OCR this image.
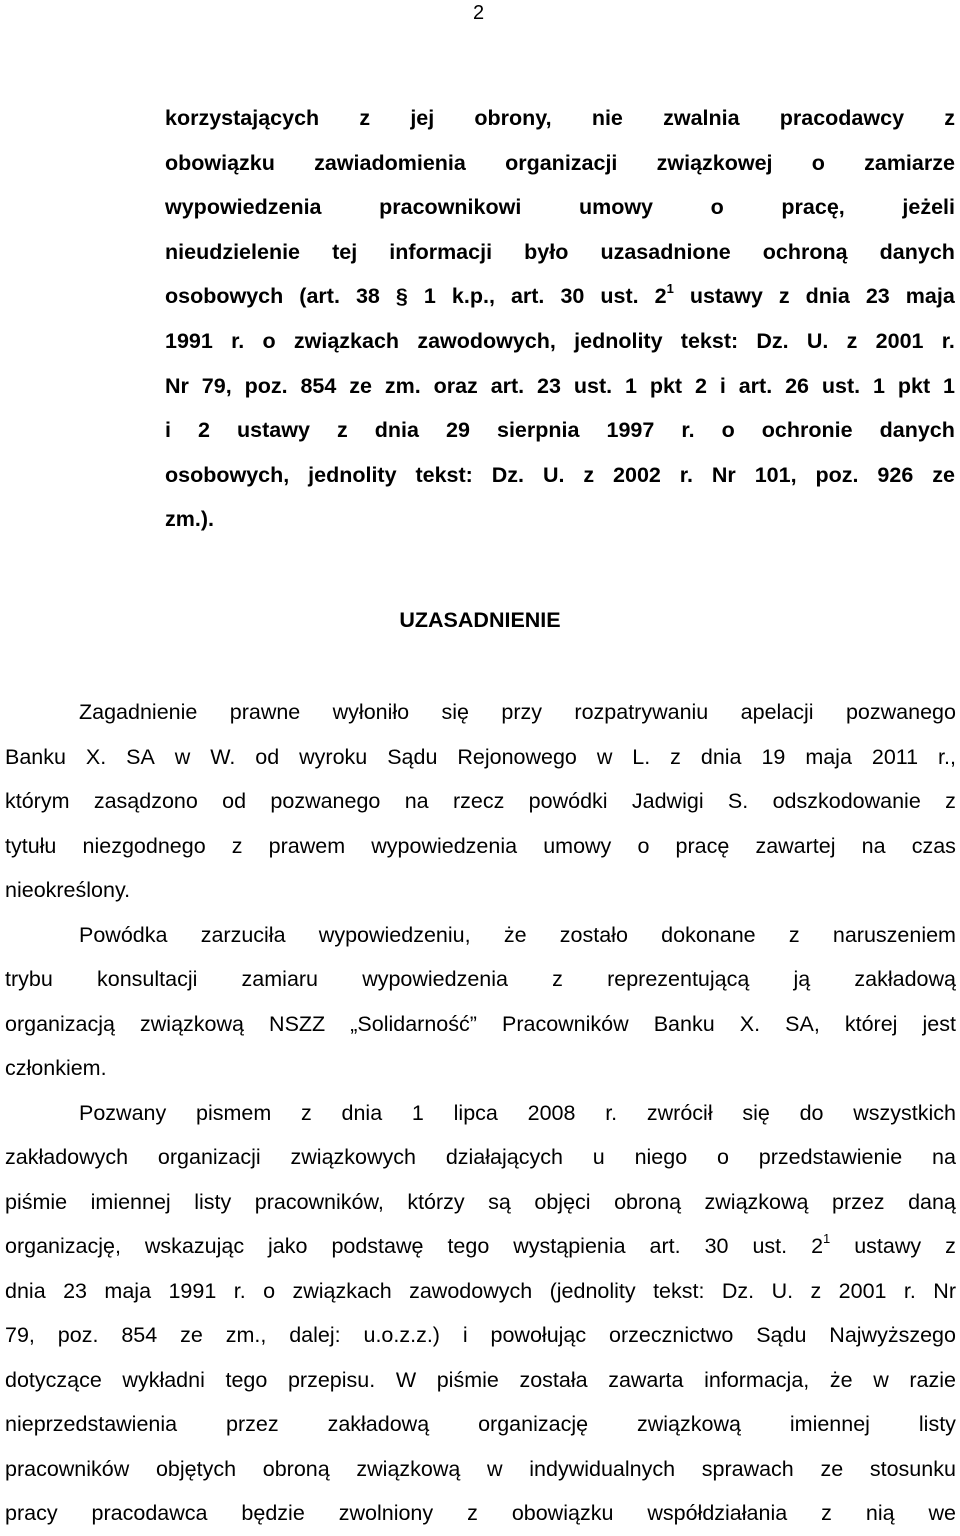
2
korzystających z jej obrony, nie zwalnia pracodawcy z
obowiązku zawiadomienia organizacji związkowej o zamiarze
wypowiedzenia	pracownikowi	umowy	o	pracę,	jeżeli
nieudzielenie tej informacji było uzasadnione ochroną danych
osobowych (art. 38 § 1 k.p., art. 30 ust. $2^1$ ustawy z dnia 23 maja
1991 r. o związkach zawodowych, jednolity tekst: Dz. U. z 2001 r.
Nr 79, poz. 854 ze zm. oraz art. 23 ust. 1 pkt 2 i art. 26 ust. 1 pkt 1
i 2 ustawy z dnia 29 sierpnia 1997 r. o ochronie danych
osobowych, jednolity tekst: Dz. U. z 2002 r. Nr 101, poz. 926 ze
zm.).
UZASADNIENIE
Zagadnienie prawne wyłoniło się przy rozpatrywaniu apelacji pozwanego
Banku X. SA w W. od wyroku Sądu Rejonowego w L. z dnia 19 maja 2011 r.,
którym zasądzono od pozwanego na rzecz powódki Jadwigi S. odszkodowanie z
tytułu niezgodnego z prawem wypowiedzenia umowy o pracę zawartej na czas
nieokreślony.
Powódka zarzuciła wypowiedzeniu, że zostało dokonane z naruszeniem
trybu konsultacji zamiaru wypowiedzenia z reprezentującą ją zakładową
organizacją związkową NSZZ „Solidarność” Pracowników Banku X. SA, której jest
członkiem.
Pozwany pismem z dnia 1 lipca 2008 r. zwrócił się do wszystkich
zakładowych organizacji związkowych działających u niego o przedstawienie na
piśmie imiennej listy pracowników, którzy są objęci obroną związkową przez daną
organizację, wskazując jako podstawę tego wystąpienia art. 30 ust. $2^1$ ustawy z
dnia 23 maja 1991 r. o związkach zawodowych (jednolity tekst: Dz. U. z 2001 r. Nr
79, poz. 854 ze zm., dalej: u.o.z.z.) i powołując orzecznictwo Sądu Najwyższego
dotyczące wykładni tego przepisu. W piśmie została zawarta informacja, że w razie
nieprzedstawienia przez zakładową organizację związkową imiennej listy
pracowników objętych obroną związkową w indywidualnych sprawach ze stosunku
pracy pracodawca będzie zwolniony z obowiązku współdziałania z nią we
